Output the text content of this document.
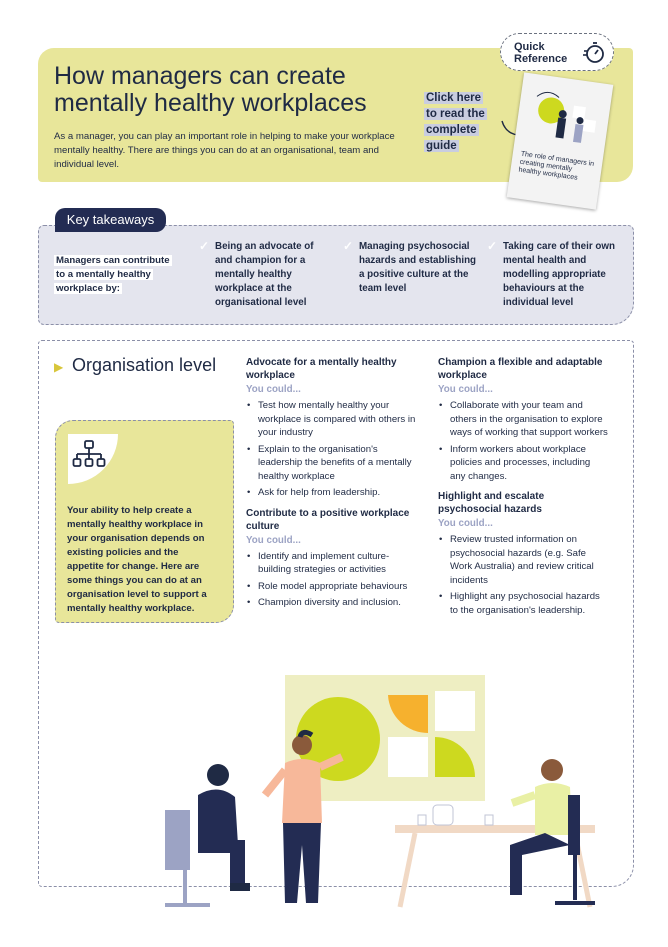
How managers can create
mentally healthy workplaces
As a manager, you can play an important role in helping to make your workplace mentally healthy. There are things you can do at an organisational, team and individual level.
Quick
Reference
Click here
to read the
complete guide
The role of managers in creating mentally healthy workplaces
Key takeaways
Managers can contribute
to a mentally healthy
workplace by:
✓ Being an advocate of and champion for a mentally healthy workplace at the organisational level
✓ Managing psychosocial hazards and establishing a positive culture at the team level
✓ Taking care of their own mental health and modelling appropriate behaviours at the individual level
▶ Organisation level
Your ability to help create a mentally healthy workplace in your organisation depends on existing policies and the appetite for change. Here are some things you can do at an organisation level to support a mentally healthy workplace.
Advocate for a mentally healthy workplace
You could...
• Test how mentally healthy your workplace is compared with others in your industry
• Explain to the organisation's leadership the benefits of a mentally healthy workplace
• Ask for help from leadership.
Contribute to a positive workplace culture
You could...
• Identify and implement culture-building strategies or activities
• Role model appropriate behaviours
• Champion diversity and inclusion.
Champion a flexible and adaptable workplace
You could...
• Collaborate with your team and others in the organisation to explore ways of working that support workers
• Inform workers about workplace policies and processes, including any changes.
Highlight and escalate psychosocial hazards
You could...
• Review trusted information on psychosocial hazards (e.g. Safe Work Australia) and review critical incidents
• Highlight any psychosocial hazards to the organisation's leadership.
